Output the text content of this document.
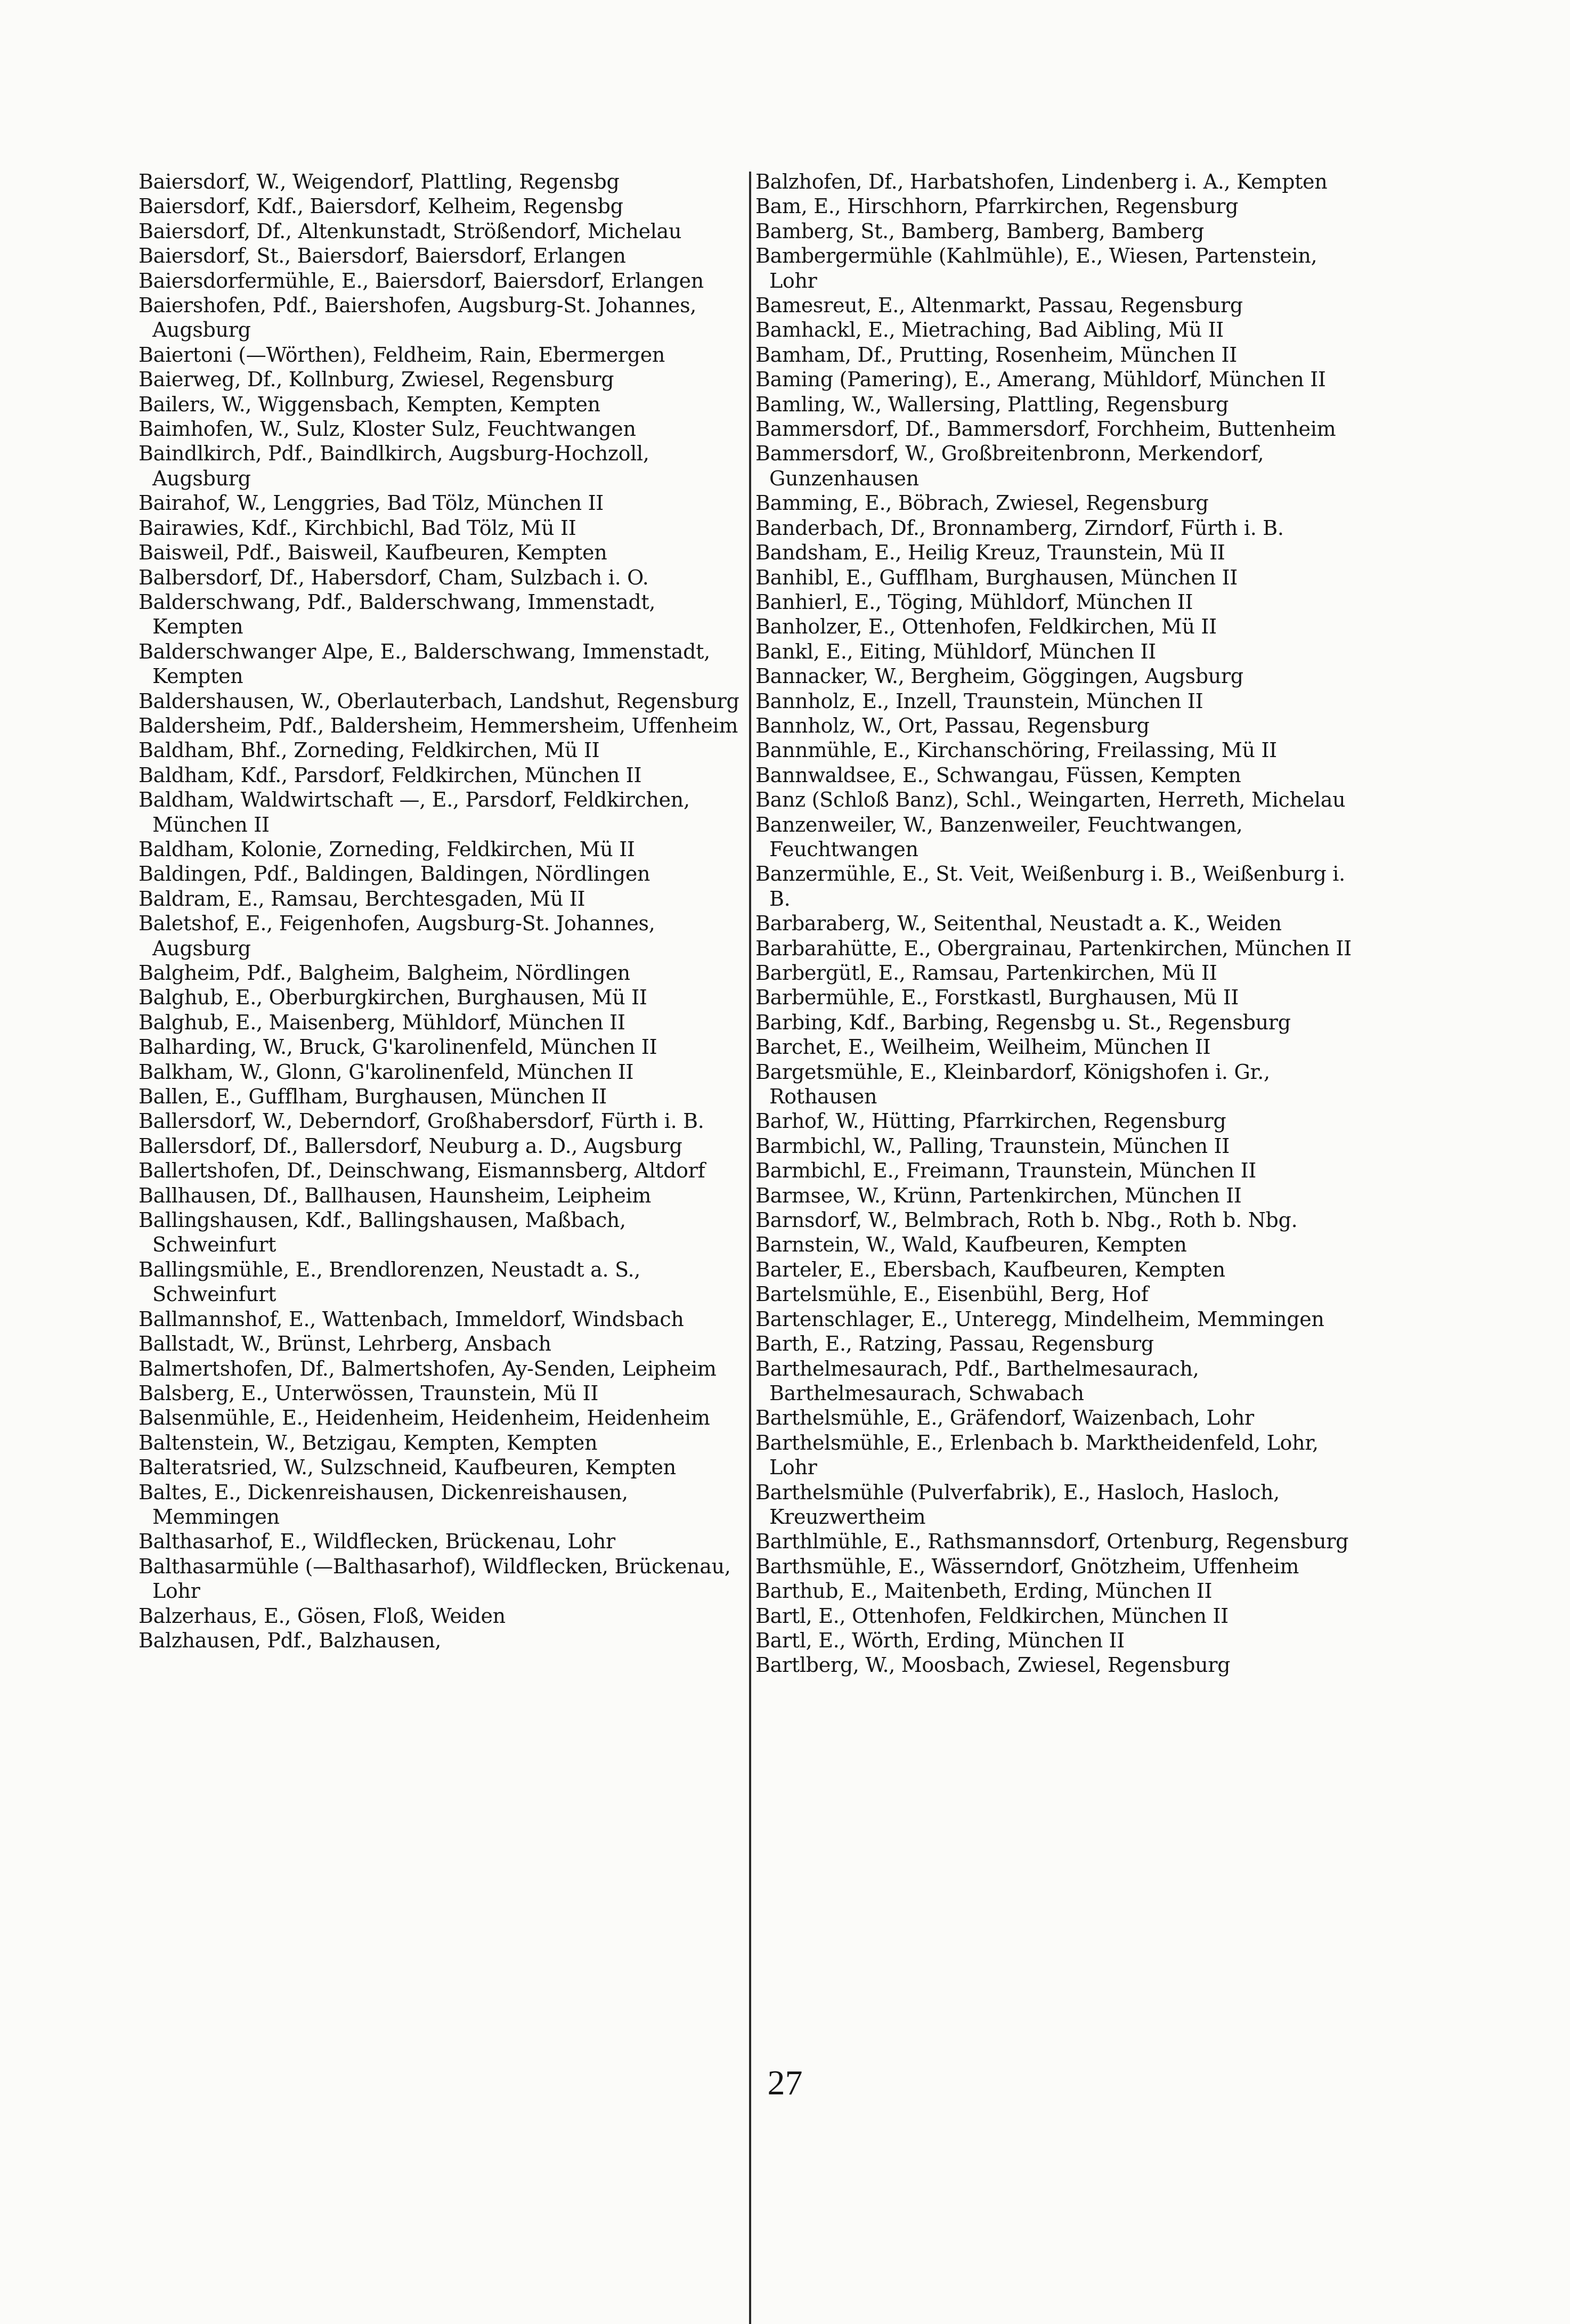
Baiersdorf, W., Weigendorf, Plattling, Regensbg

Baiersdorf, Kdf., Baiersdorf, Kelheim, Regensbg

Baiersdorf, Df., Altenkunstadt, Strößendorf, Michelau

Baiersdorf, St., Baiersdorf, Baiersdorf, Erlangen

Baiersdorfermühle, E., Baiersdorf, Baiersdorf, Erlangen

Baiershofen, Pdf., Baiershofen, Augsburg-St. Johannes, Augsburg

Baiertoni (—Wörthen), Feldheim, Rain, Ebermergen

Baierweg, Df., Kollnburg, Zwiesel, Regensburg

Bailers, W., Wiggensbach, Kempten, Kempten

Baimhofen, W., Sulz, Kloster Sulz, Feuchtwangen

Baindlkirch, Pdf., Baindlkirch, Augsburg-Hochzoll, Augsburg

Bairahof, W., Lenggries, Bad Tölz, München II

Bairawies, Kdf., Kirchbichl, Bad Tölz, Mü II

Baisweil, Pdf., Baisweil, Kaufbeuren, Kempten

Balbersdorf, Df., Habersdorf, Cham, Sulzbach i. O.

Balderschwang, Pdf., Balderschwang, Immenstadt, Kempten

Balderschwanger Alpe, E., Balderschwang, Immenstadt, Kempten

Baldershausen, W., Oberlauterbach, Landshut, Regensburg

Baldersheim, Pdf., Baldersheim, Hemmersheim, Uffenheim

Baldham, Bhf., Zorneding, Feldkirchen, Mü II

Baldham, Kdf., Parsdorf, Feldkirchen, München II

Baldham, Waldwirtschaft —, E., Parsdorf, Feldkirchen, München II

Baldham, Kolonie, Zorneding, Feldkirchen, Mü II

Baldingen, Pdf., Baldingen, Baldingen, Nördlingen

Baldram, E., Ramsau, Berchtesgaden, Mü II

Baletshof, E., Feigenhofen, Augsburg-St. Johannes, Augsburg

Balgheim, Pdf., Balgheim, Balgheim, Nördlingen

Balghub, E., Oberburgkirchen, Burghausen, Mü II

Balghub, E., Maisenberg, Mühldorf, München II

Balharding, W., Bruck, G'karolinenfeld, München II

Balkham, W., Glonn, G'karolinenfeld, München II

Ballen, E., Gufflham, Burghausen, München II

Ballersdorf, W., Deberndorf, Großhabersdorf, Fürth i. B.

Ballersdorf, Df., Ballersdorf, Neuburg a. D., Augsburg

Ballertshofen, Df., Deinschwang, Eismannsberg, Altdorf

Ballhausen, Df., Ballhausen, Haunsheim, Leipheim

Ballingshausen, Kdf., Ballingshausen, Maßbach, Schweinfurt

Ballingsmühle, E., Brendlorenzen, Neustadt a. S., Schweinfurt

Ballmannshof, E., Wattenbach, Immeldorf, Windsbach

Ballstadt, W., Brünst, Lehrberg, Ansbach

Balmertshofen, Df., Balmertshofen, Ay-Senden, Leipheim

Balsberg, E., Unterwössen, Traunstein, Mü II

Balsenmühle, E., Heidenheim, Heidenheim, Heidenheim

Baltenstein, W., Betzigau, Kempten, Kempten

Balteratsried, W., Sulzschneid, Kaufbeuren, Kempten

Baltes, E., Dickenreishausen, Dickenreishausen, Memmingen

Balthasarhof, E., Wildflecken, Brückenau, Lohr

Balthasarmühle (—Balthasarhof), Wildflecken, Brückenau, Lohr

Balzerhaus, E., Gösen, Floß, Weiden

Balzhausen, Pdf., Balzhausen,

Balzhofen, Df., Harbatshofen, Lindenberg i. A., Kempten

Bam, E., Hirschhorn, Pfarrkirchen, Regensburg

Bamberg, St., Bamberg, Bamberg, Bamberg

Bambergermühle (Kahlmühle), E., Wiesen, Partenstein, Lohr

Bamesreut, E., Altenmarkt, Passau, Regensburg

Bamhackl, E., Mietraching, Bad Aibling, Mü II

Bamham, Df., Prutting, Rosenheim, München II

Baming (Pamering), E., Amerang, Mühldorf, München II

Bamling, W., Wallersing, Plattling, Regensburg

Bammersdorf, Df., Bammersdorf, Forchheim, Buttenheim

Bammersdorf, W., Großbreitenbronn, Merkendorf, Gunzenhausen

Bamming, E., Böbrach, Zwiesel, Regensburg

Banderbach, Df., Bronnamberg, Zirndorf, Fürth i. B.

Bandsham, E., Heilig Kreuz, Traunstein, Mü II

Banhibl, E., Gufflham, Burghausen, München II

Banhierl, E., Töging, Mühldorf, München II

Banholzer, E., Ottenhofen, Feldkirchen, Mü II

Bankl, E., Eiting, Mühldorf, München II

Bannacker, W., Bergheim, Göggingen, Augsburg

Bannholz, E., Inzell, Traunstein, München II

Bannholz, W., Ort, Passau, Regensburg

Bannmühle, E., Kirchanschöring, Freilassing, Mü II

Bannwaldsee, E., Schwangau, Füssen, Kempten

Banz (Schloß Banz), Schl., Weingarten, Herreth, Michelau

Banzenweiler, W., Banzenweiler, Feuchtwangen, Feuchtwangen

Banzermühle, E., St. Veit, Weißenburg i. B., Weißenburg i. B.

Barbaraberg, W., Seitenthal, Neustadt a. K., Weiden

Barbarahütte, E., Obergrainau, Partenkirchen, München II

Barbergütl, E., Ramsau, Partenkirchen, Mü II

Barbermühle, E., Forstkastl, Burghausen, Mü II

Barbing, Kdf., Barbing, Regensbg u. St., Regensburg

Barchet, E., Weilheim, Weilheim, München II

Bargetsmühle, E., Kleinbardorf, Königshofen i. Gr., Rothausen

Barhof, W., Hütting, Pfarrkirchen, Regensburg

Barmbichl, W., Palling, Traunstein, München II

Barmbichl, E., Freimann, Traunstein, München II

Barmsee, W., Krünn, Partenkirchen, München II

Barnsdorf, W., Belmbrach, Roth b. Nbg., Roth b. Nbg.

Barnstein, W., Wald, Kaufbeuren, Kempten

Barteler, E., Ebersbach, Kaufbeuren, Kempten

Bartelsmühle, E., Eisenbühl, Berg, Hof

Bartenschlager, E., Unteregg, Mindelheim, Memmingen

Barth, E., Ratzing, Passau, Regensburg

Barthelmesaurach, Pdf., Barthelmesaurach, Barthelmesaurach, Schwabach

Barthelsmühle, E., Gräfendorf, Waizenbach, Lohr

Barthelsmühle, E., Erlenbach b. Marktheidenfeld, Lohr, Lohr

Barthelsmühle (Pulverfabrik), E., Hasloch, Hasloch, Kreuzwertheim

Barthlmühle, E., Rathsmannsdorf, Ortenburg, Regensburg

Barthsmühle, E., Wässerndorf, Gnötzheim, Uffenheim

Barthub, E., Maitenbeth, Erding, München II

Bartl, E., Ottenhofen, Feldkirchen, München II

Bartl, E., Wörth, Erding, München II

Bartlberg, W., Moosbach, Zwiesel, Regensburg

27
